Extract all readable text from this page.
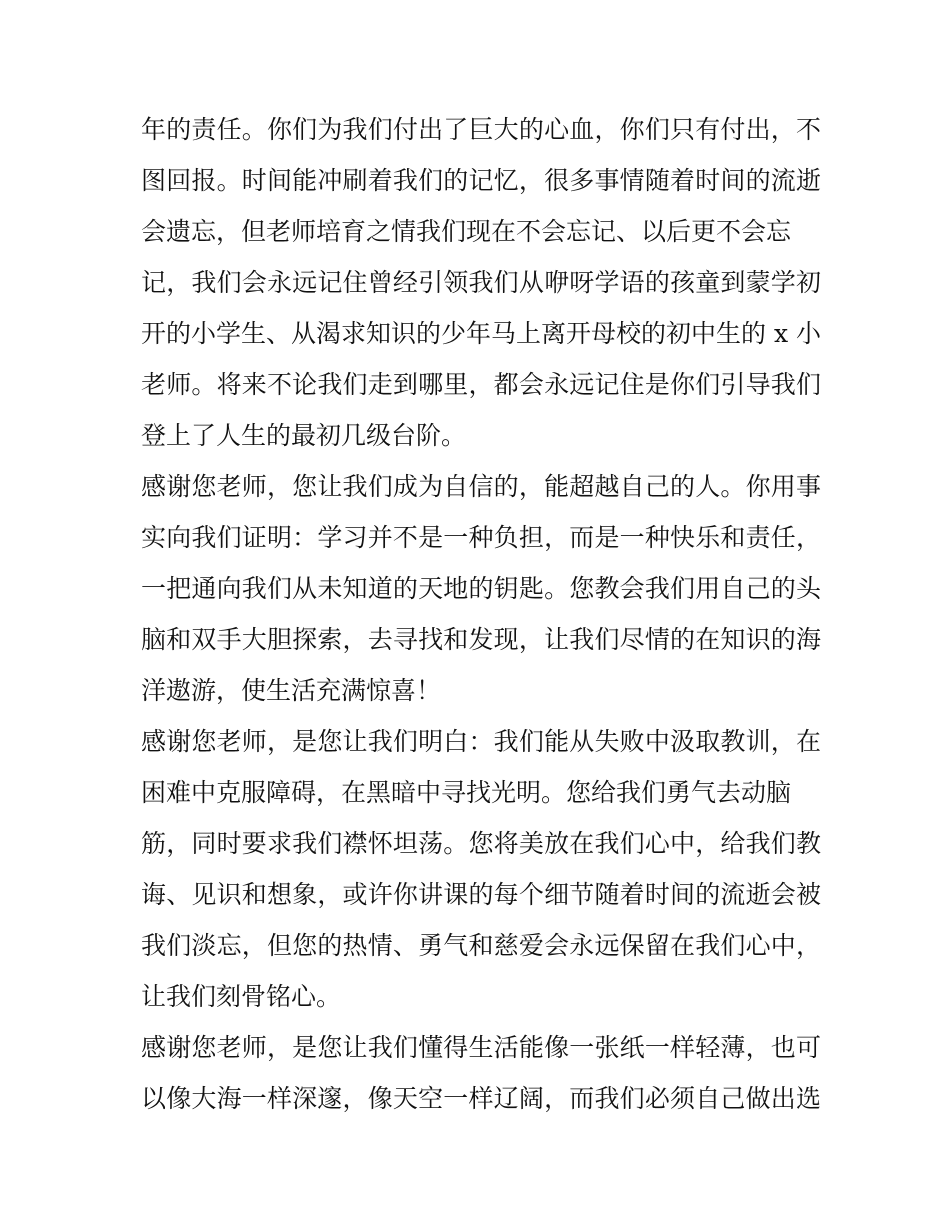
年的责任。你们为我们付出了巨大的心血，你们只有付出，不
图回报。时间能冲刷着我们的记忆，很多事情随着时间的流逝
会遗忘，但老师培育之情我们现在不会忘记、以后更不会忘
记，我们会永远记住曾经引领我们从咿呀学语的孩童到蒙学初
开的小学生、从渴求知识的少年马上离开母校的初中生的 x 小
老师。将来不论我们走到哪里，都会永远记住是你们引导我们
登上了人生的最初几级台阶。
感谢您老师，您让我们成为自信的，能超越自己的人。你用事
实向我们证明：学习并不是一种负担，而是一种快乐和责任，
一把通向我们从未知道的天地的钥匙。您教会我们用自己的头
脑和双手大胆探索，去寻找和发现，让我们尽情的在知识的海
洋遨游，使生活充满惊喜！
感谢您老师，是您让我们明白：我们能从失败中汲取教训，在
困难中克服障碍，在黑暗中寻找光明。您给我们勇气去动脑
筋，同时要求我们襟怀坦荡。您将美放在我们心中，给我们教
诲、见识和想象，或许你讲课的每个细节随着时间的流逝会被
我们淡忘，但您的热情、勇气和慈爱会永远保留在我们心中，
让我们刻骨铭心。
感谢您老师，是您让我们懂得生活能像一张纸一样轻薄，也可
以像大海一样深邃，像天空一样辽阔，而我们必须自己做出选
